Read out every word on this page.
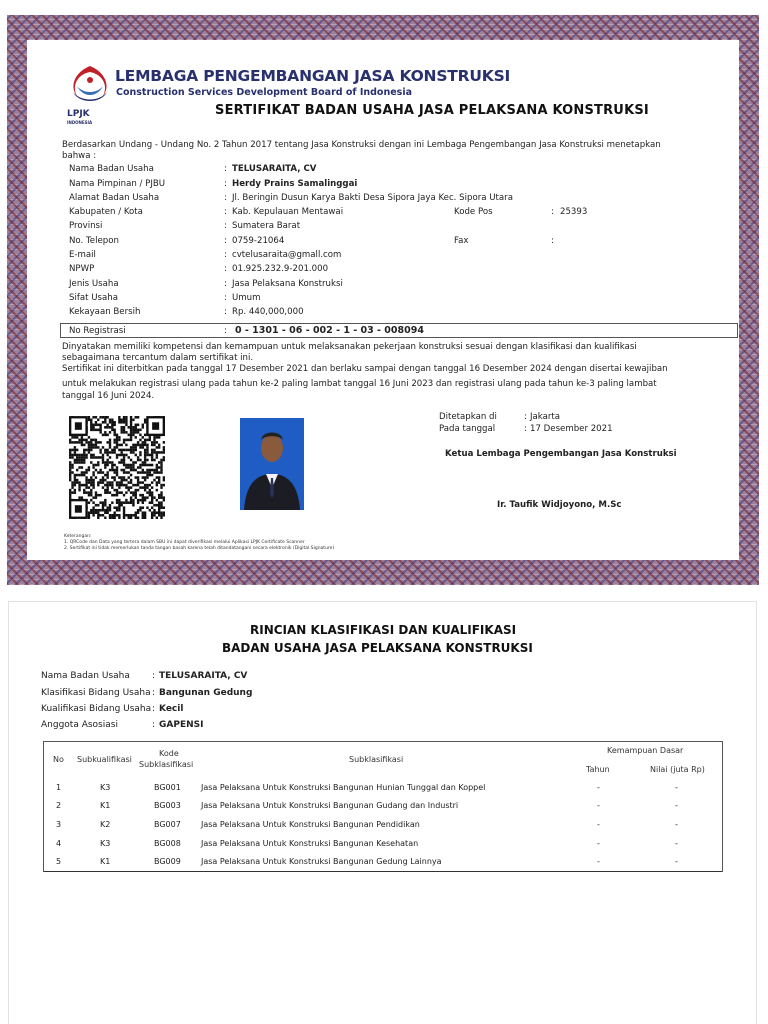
LPJK
INDONESIA
LEMBAGA PENGEMBANGAN JASA KONSTRUKSI
Construction Services Development Board of Indonesia
SERTIFIKAT BADAN USAHA JASA PELAKSANA KONSTRUKSI
Berdasarkan Undang - Undang No. 2 Tahun 2017 tentang Jasa Konstruksi dengan ini Lembaga Pengembangan Jasa Konstruksi menetapkan
bahwa :
Nama Badan Usaha	: TELUSARAITA, CV
Nama Pimpinan / PJBU	: Herdy Prains Samalinggai
Alamat Badan Usaha	: Jl. Beringin Dusun Karya Bakti Desa Sipora Jaya Kec. Sipora Utara
Kabupaten / Kota	: Kab. Kepulauan Mentawai	Kode Pos	: 25393
Provinsi	: Sumatera Barat
No. Telepon	: 0759-21064	Fax	:
E-mail	: cvtelusaraita@gmall.com
NPWP	: 01.925.232.9-201.000
Jenis Usaha	: Jasa Pelaksana Konstruksi
Sifat Usaha	: Umum
Kekayaan Bersih	: Rp. 440,000,000
No Registrasi	: 0 - 1301 - 06 - 002 - 1 - 03 - 008094
Dinyatakan memiliki kompetensi dan kemampuan untuk melaksanakan pekerjaan konstruksi sesuai dengan klasifikasi dan kualifikasi
sebagaimana tercantum dalam sertifikat ini.
Sertifikat ini diterbitkan pada tanggal 17 Desember 2021 dan berlaku sampai dengan tanggal 16 Desember 2024 dengan disertai kewajiban
untuk melakukan registrasi ulang pada tahun ke-2 paling lambat tanggal 16 Juni 2023 dan registrasi ulang pada tahun ke-3 paling lambat
tanggal 16 Juni 2024.
Ditetapkan di	: Jakarta
Pada tanggal	: 17 Desember 2021
Ketua Lembaga Pengembangan Jasa Konstruksi
Ir. Taufik Widjoyono, M.Sc
Keterangan:
1. QRCode dan Data yang tertera dalam SBU ini dapat diverifikasi melalui Aplikasi LPJK Certificate Scanner
2. Sertifikat ini tidak memerlukan tanda tangan basah karena telah ditandatangani secara elektronik (Digital Signature)
RINCIAN KLASIFIKASI DAN KUALIFIKASI
BADAN USAHA JASA PELAKSANA KONSTRUKSI
Nama Badan Usaha : TELUSARAITA, CV
Klasifikasi Bidang Usaha : Bangunan Gedung
Kualifikasi Bidang Usaha : Kecil
Anggota Asosiasi	: GAPENSI
No Subkualifikasi
Kode
Subklasifikasi
Subklasifikasi
Kemampuan Dasar
Tahun	Nilai (juta Rp)
1	K3	BG001	Jasa Pelaksana Untuk Konstruksi Bangunan Hunian Tunggal dan Koppel	-	-
2	K1	BG003	Jasa Pelaksana Untuk Konstruksi Bangunan Gudang dan Industri	-	-
3	K2	BG007	Jasa Pelaksana Untuk Konstruksi Bangunan Pendidikan	-	-
4	K3	BG008	Jasa Pelaksana Untuk Konstruksi Bangunan Kesehatan	-	-
5	K1	BG009	Jasa Pelaksana Untuk Konstruksi Bangunan Gedung Lainnya	-	-
